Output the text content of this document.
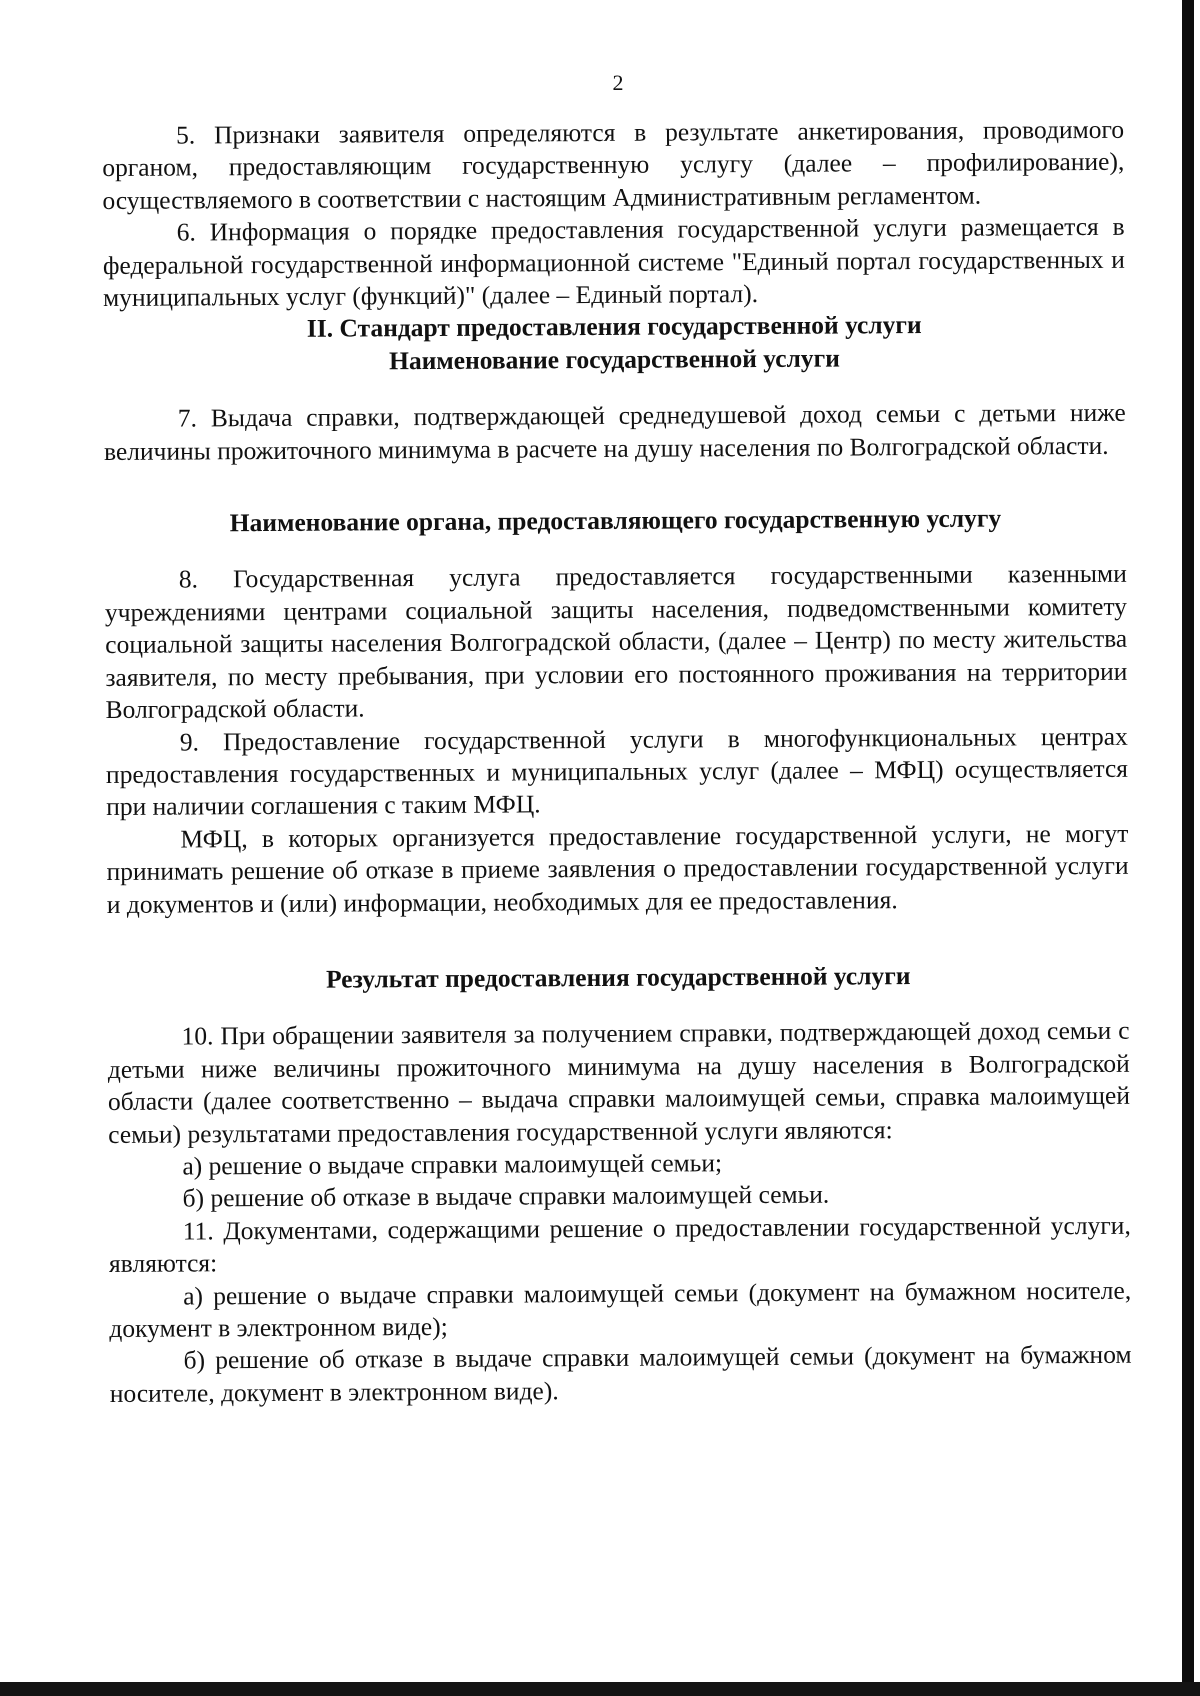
2

5. Признаки заявителя определяются в результате анкетирования, проводимого органом, предоставляющим государственную услугу (далее – профилирование), осуществляемого в соответствии с настоящим Административным регламентом.

6. Информация о порядке предоставления государственной услуги размещается в федеральной государственной информационной системе "Единый портал государственных и муниципальных услуг (функций)" (далее – Единый портал).

II. Стандарт предоставления государственной услуги

Наименование государственной услуги

7. Выдача справки, подтверждающей среднедушевой доход семьи с детьми ниже величины прожиточного минимума в расчете на душу населения по Волгоградской области.

Наименование органа, предоставляющего государственную услугу

8. Государственная услуга предоставляется государственными казенными учреждениями центрами социальной защиты населения, подведомственными комитету социальной защиты населения Волгоградской области, (далее – Центр) по месту жительства заявителя, по месту пребывания, при условии его постоянного проживания на территории Волгоградской области.

9. Предоставление государственной услуги в многофункциональных центрах предоставления государственных и муниципальных услуг (далее – МФЦ) осуществляется при наличии соглашения с таким МФЦ.

МФЦ, в которых организуется предоставление государственной услуги, не могут принимать решение об отказе в приеме заявления о предоставлении государственной услуги и документов и (или) информации, необходимых для ее предоставления.

Результат предоставления государственной услуги

10. При обращении заявителя за получением справки, подтверждающей доход семьи с детьми ниже величины прожиточного минимума на душу населения в Волгоградской области (далее соответственно – выдача справки малоимущей семьи, справка малоимущей семьи) результатами предоставления государственной услуги являются:

а) решение о выдаче справки малоимущей семьи;

б) решение об отказе в выдаче справки малоимущей семьи.

11. Документами, содержащими решение о предоставлении государственной услуги, являются:

а) решение о выдаче справки малоимущей семьи (документ на бумажном носителе, документ в электронном виде);

б) решение об отказе в выдаче справки малоимущей семьи (документ на бумажном носителе, документ в электронном виде).
